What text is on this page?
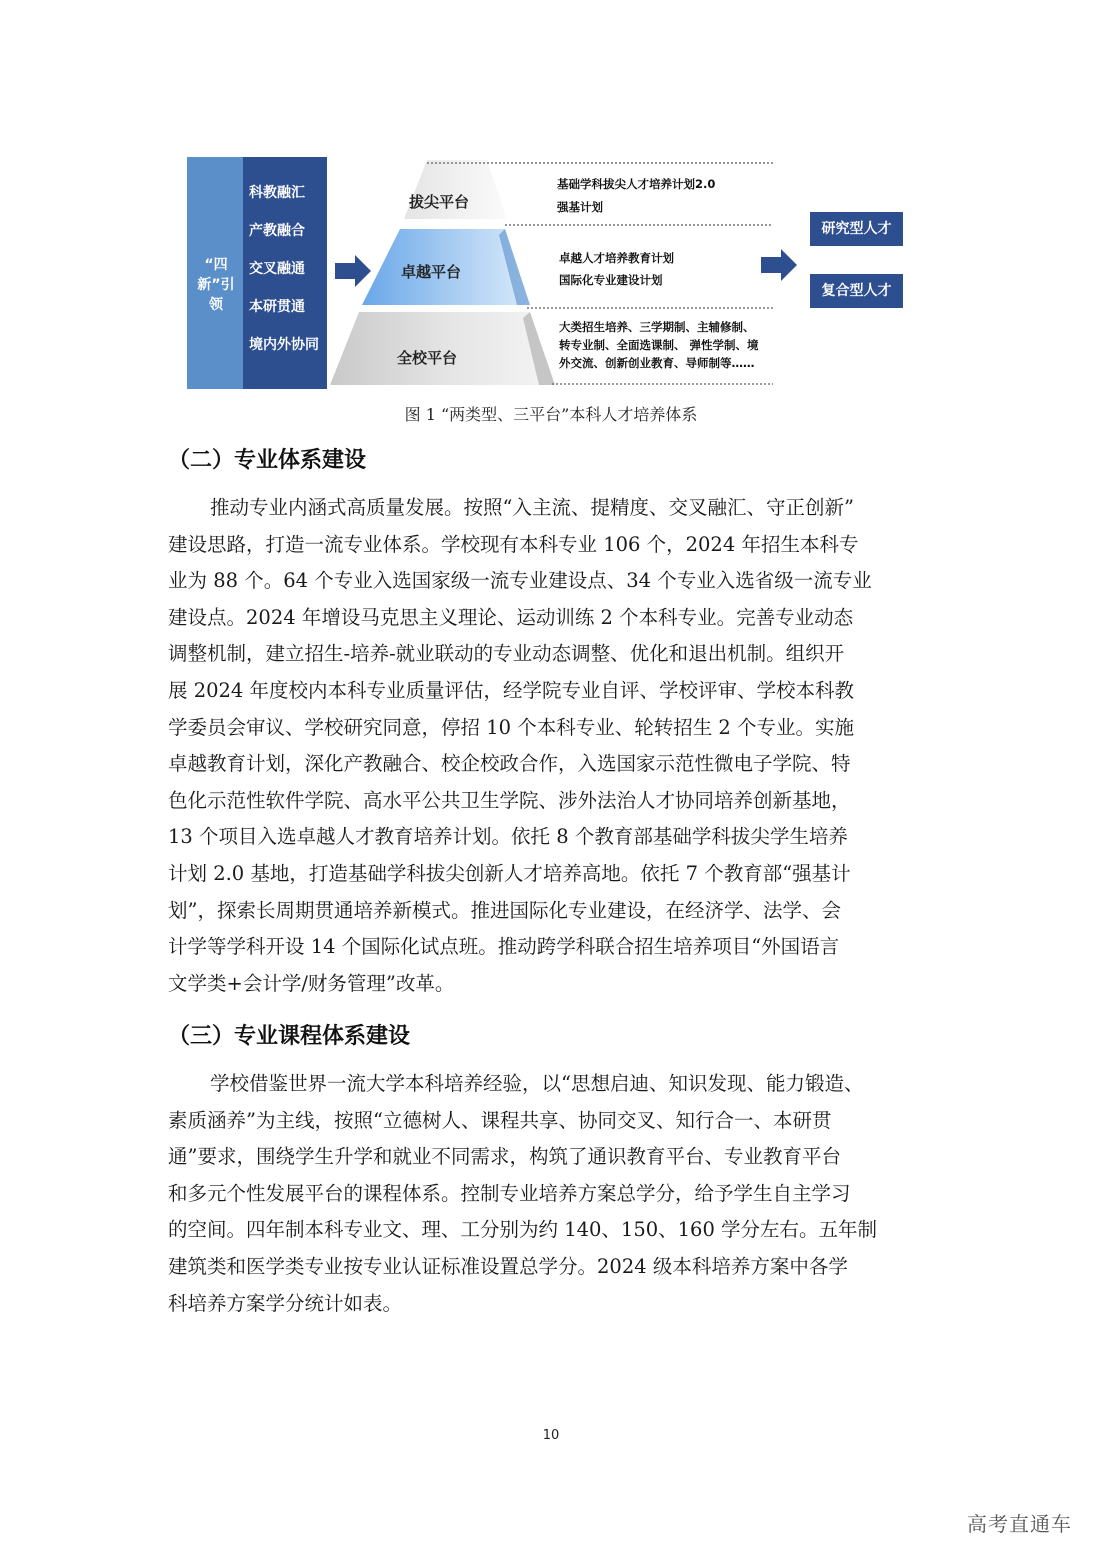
“四新”引领
科教融汇
产教融合
交叉融通
本研贯通
境内外协同
拔尖平台
卓越平台
全校平台
基础学科拔尖人才培养计划2.0
强基计划
卓越人才培养教育计划
国际化专业建设计划
大类招生培养、三学期制、主辅修制、
转专业制、全面选课制、 弹性学制、境
外交流、创新创业教育、导师制等……
研究型人才
复合型人才
图 1 “两类型、三平台”本科人才培养体系
（二）专业体系建设
推动专业内涵式高质量发展。按照“入主流、提精度、交叉融汇、守正创新”
建设思路，打造一流专业体系。学校现有本科专业 106 个，2024 年招生本科专
业为 88 个。64 个专业入选国家级一流专业建设点、34 个专业入选省级一流专业
建设点。2024 年增设马克思主义理论、运动训练 2 个本科专业。完善专业动态
调整机制，建立招生-培养-就业联动的专业动态调整、优化和退出机制。组织开
展 2024 年度校内本科专业质量评估，经学院专业自评、学校评审、学校本科教
学委员会审议、学校研究同意，停招 10 个本科专业、轮转招生 2 个专业。实施
卓越教育计划，深化产教融合、校企校政合作，入选国家示范性微电子学院、特
色化示范性软件学院、高水平公共卫生学院、涉外法治人才协同培养创新基地，
13 个项目入选卓越人才教育培养计划。依托 8 个教育部基础学科拔尖学生培养
计划 2.0 基地，打造基础学科拔尖创新人才培养高地。依托 7 个教育部“强基计
划”，探索长周期贯通培养新模式。推进国际化专业建设，在经济学、法学、会
计学等学科开设 14 个国际化试点班。推动跨学科联合招生培养项目“外国语言
文学类+会计学/财务管理”改革。
（三）专业课程体系建设
学校借鉴世界一流大学本科培养经验，以“思想启迪、知识发现、能力锻造、
素质涵养”为主线，按照“立德树人、课程共享、协同交叉、知行合一、本研贯
通”要求，围绕学生升学和就业不同需求，构筑了通识教育平台、专业教育平台
和多元个性发展平台的课程体系。控制专业培养方案总学分，给予学生自主学习
的空间。四年制本科专业文、理、工分别为约 140、150、160 学分左右。五年制
建筑类和医学类专业按专业认证标准设置总学分。2024 级本科培养方案中各学
科培养方案学分统计如表。
10
高考直通车
